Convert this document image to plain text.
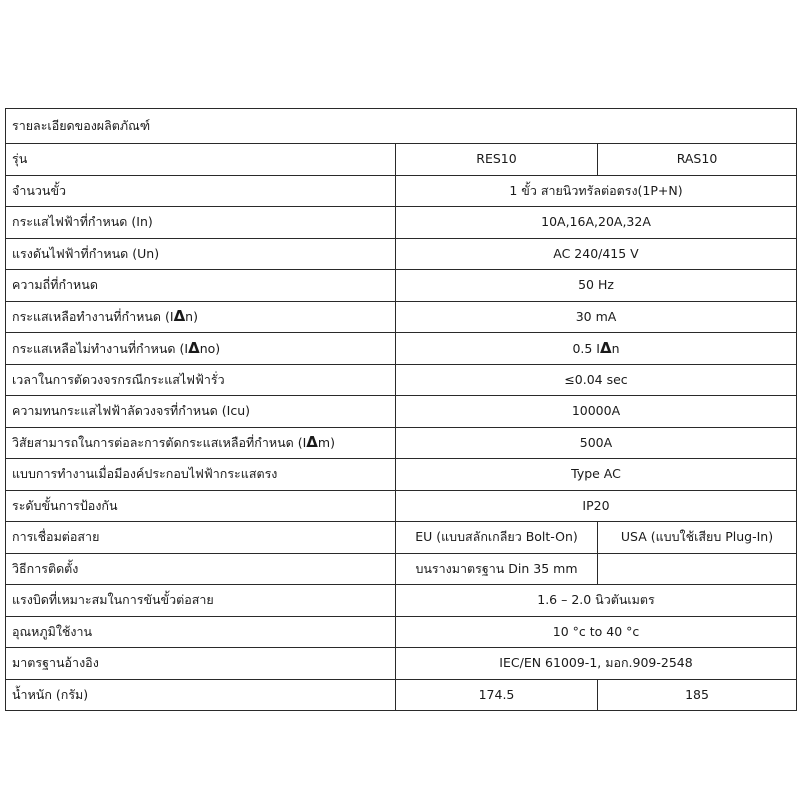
รายละเอียดของผลิตภัณฑ์		
รุ่น	RES10	RAS10
จำนวนขั้ว	1 ขั้ว สายนิวทรัลต่อตรง(1P+N)	
กระแสไฟฟ้าที่กำหนด (In)	10A,16A,20A,32A	
แรงดันไฟฟ้าที่กำหนด (Un)	AC 240/415 V	
ความถี่ที่กำหนด	50 Hz	
กระแสเหลือทำงานที่กำหนด (IΔn)	30 mA	
กระแสเหลือไม่ทำงานที่กำหนด (IΔno)	0.5 IΔn	
เวลาในการตัดวงจรกรณีกระแสไฟฟ้ารั่ว	≤0.04 sec	
ความทนกระแสไฟฟ้าลัดวงจรที่กำหนด (Icu)	10000A	
วิสัยสามารถในการต่อละการตัดกระแสเหลือที่กำหนด (IΔm)	500A	
แบบการทำงานเมื่อมีองค์ประกอบไฟฟ้ากระแสตรง	Type AC	
ระดับขั้นการป้องกัน	IP20	
การเชื่อมต่อสาย	EU (แบบสลักเกลียว Bolt-On)	USA (แบบใช้เสียบ Plug-In)
วิธีการติดตั้ง	บนรางมาตรฐาน Din 35 mm	
แรงบิดที่เหมาะสมในการขันขั้วต่อสาย	1.6 – 2.0 นิวตันเมตร	
อุณหภูมิใช้งาน	10 °c to 40 °c	
มาตรฐานอ้างอิง	IEC/EN 61009-1, มอก.909-2548	
น้ำหนัก (กรัม)	174.5	185
